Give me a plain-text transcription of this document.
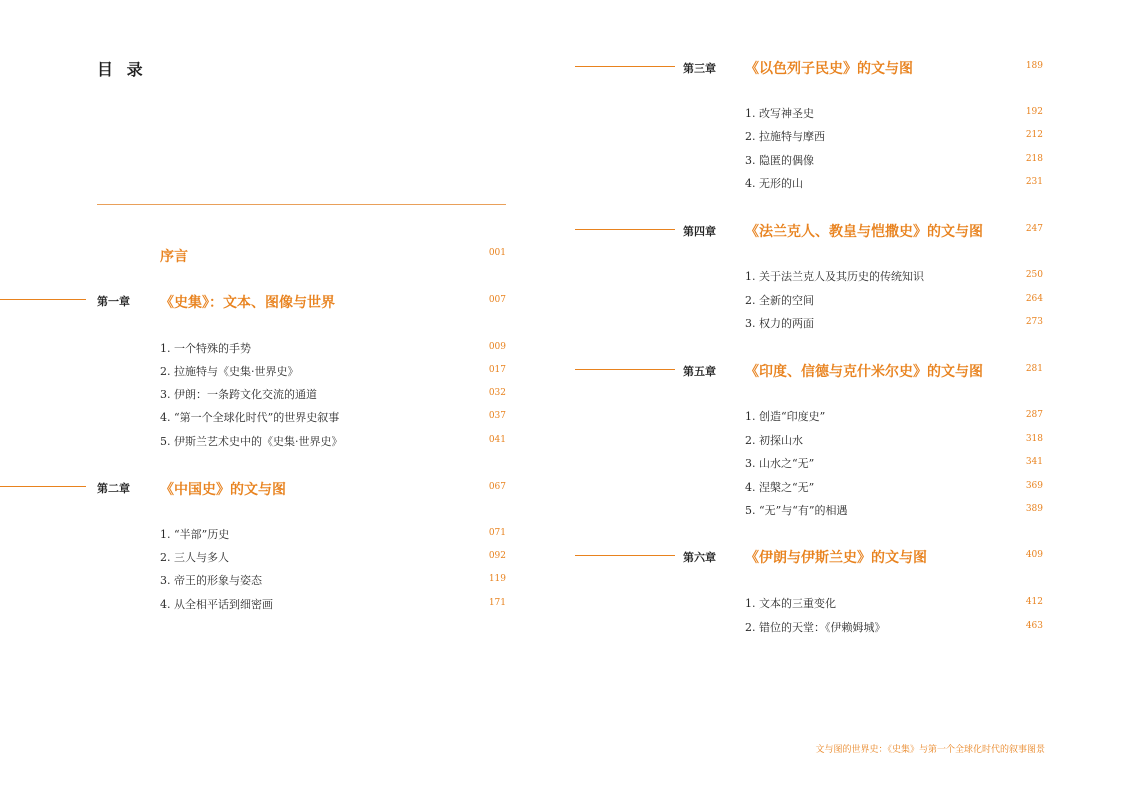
目 录
序言	001
第一章 《史集》：文本、图像与世界	007
1. 一个特殊的手势	009
2. 拉施特与《史集·世界史》	017
3. 伊朗：一条跨文化交流的通道	032
4. “第一个全球化时代”的世界史叙事	037
5. 伊斯兰艺术史中的《史集·世界史》	041
第二章 《中国史》的文与图	067
1. “半部”历史	071
2. 三人与多人	092
3. 帝王的形象与姿态	119
4. 从全相平话到细密画	171
第三章 《以色列子民史》的文与图	189
1. 改写神圣史	192
2. 拉施特与摩西	212
3. 隐匿的偶像	218
4. 无形的山	231
第四章 《法兰克人、教皇与恺撒史》的文与图	247
1. 关于法兰克人及其历史的传统知识	250
2. 全新的空间	264
3. 权力的两面	273
第五章 《印度、信德与克什米尔史》的文与图	281
1. 创造“印度史”	287
2. 初探山水	318
3. 山水之“无”	341
4. 涅槃之“无”	369
5. “无”与“有”的相遇	389
第六章 《伊朗与伊斯兰史》的文与图	409
1. 文本的三重变化	412
2. 错位的天堂：《伊赖姆城》	463
文与图的世界史：《史集》与第一个全球化时代的叙事图景
